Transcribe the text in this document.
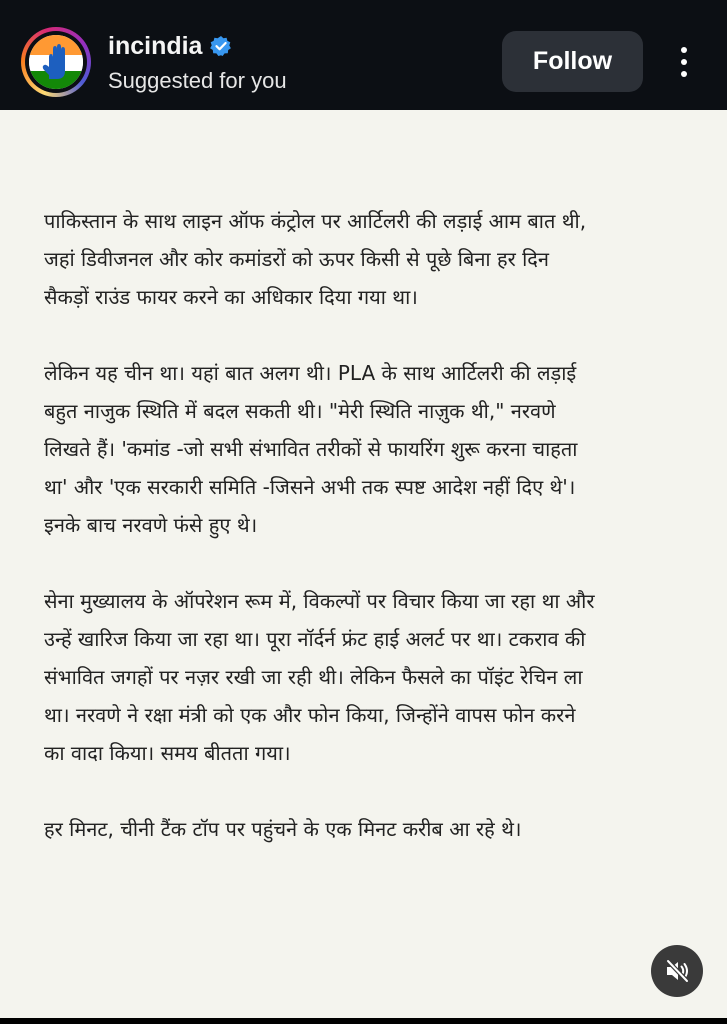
incindia
Suggested for you
Follow

पाकिस्तान के साथ लाइन ऑफ कंट्रोल पर आर्टिलरी की लड़ाई आम बात थी,
जहां डिवीजनल और कोर कमांडरों को ऊपर किसी से पूछे बिना हर दिन
सैकड़ों राउंड फायर करने का अधिकार दिया गया था।

लेकिन यह चीन था। यहां बात अलग थी। PLA के साथ आर्टिलरी की लड़ाई
बहुत नाजुक स्थिति में बदल सकती थी। "मेरी स्थिति नाज़ुक थी," नरवणे
लिखते हैं। 'कमांड -जो सभी संभावित तरीकों से फायरिंग शुरू करना चाहता
था' और 'एक सरकारी समिति -जिसने अभी तक स्पष्ट आदेश नहीं दिए थे'।
इनके बाच नरवणे फंसे हुए थे।

सेना मुख्यालय के ऑपरेशन रूम में, विकल्पों पर विचार किया जा रहा था और
उन्हें खारिज किया जा रहा था। पूरा नॉर्दर्न फ्रंट हाई अलर्ट पर था। टकराव की
संभावित जगहों पर नज़र रखी जा रही थी। लेकिन फैसले का पॉइंट रेचिन ला
था। नरवणे ने रक्षा मंत्री को एक और फोन किया, जिन्होंने वापस फोन करने
का वादा किया। समय बीतता गया।

हर मिनट, चीनी टैंक टॉप पर पहुंचने के एक मिनट करीब आ रहे थे।
